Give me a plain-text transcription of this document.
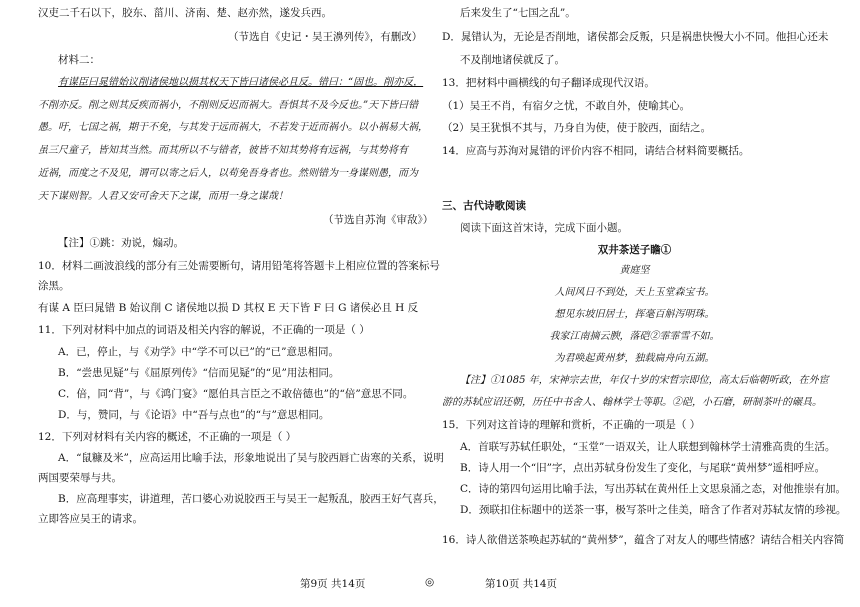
汉吏二千石以下，胶东、菑川、济南、楚、赵亦然，遂发兵西。
（节选自《史记・吴王濞列传》，有删改）
材料二：
有谋臣曰晁错始议削诸侯地以损其权天下皆曰诸侯必且反。错曰：“固也。削亦反，
不削亦反。削之则其反疾而祸小，不削则反迟而祸大。吾惧其不及今反也。”天下皆曰错
愚。吁，七国之祸，期于不免，与其发于远而祸大，不若发于近而祸小。以小祸易大祸，
虽三尺童子，皆知其当然。而其所以不与错者，彼皆不知其势将有远祸，与其势将有
近祸，而度之不及见，谓可以寄之后人，以苟免吾身者也。然则错为一身谋则愚，而为
天下谋则智。人君又安可舍天下之谋，而用一身之谋哉！
（节选自苏洵《审敌》）
【注】①跳：劝说，煽动。
10．材料二画波浪线的部分有三处需要断句，请用铅笔将答题卡上相应位置的答案标号
涂黑。
有谋 A 臣曰晁错 B 始议削 C 诸侯地以损 D 其权 E 天下皆 F 曰 G 诸侯必且 H 反
11．下列对材料中加点的词语及相关内容的解说，不正确的一项是（ ）
A．已，停止，与《劝学》中“学不可以已”的“已”意思相同。
B．“尝患见疑”与《屈原列传》“信而见疑”的“见”用法相同。
C．倍，同“背”，与《鸿门宴》“愿伯具言臣之不敢倍德也”的“倍”意思不同。
D．与，赞同，与《论语》中“吾与点也”的“与”意思相同。
12．下列对材料有关内容的概述，不正确的一项是（ ）
A．“鼠糠及米”，应高运用比喻手法，形象地说出了吴与胶西唇亡齿寒的关系，说明
两国要荣辱与共。
B．应高理事实，讲道理，苦口婆心劝说胶西王与吴王一起叛乱，胶西王好气喜兵，
立即答应吴王的请求。
后来发生了“七国之乱”。
D．晁错认为，无论是否削地，诸侯都会反叛，只是祸患快慢大小不同。他担心还未
不及削地诸侯就反了。
13．把材料中画横线的句子翻译成现代汉语。
（1）吴王不肖，有宿夕之忧，不敢自外，使喻其心。
（2）吴王犹惧不其与，乃身自为使，使于胶西，面结之。
14．应高与苏洵对晁错的评价内容不相同，请结合材料简要概括。
三、古代诗歌阅读
阅读下面这首宋诗，完成下面小题。
双井茶送子瞻①
黄庭坚
人间风日不到处，天上玉堂森宝书。
想见东坡旧居士，挥毫百斛泻明珠。
我家江南摘云腴，落硙②霏霏雪不如。
为君唤起黄州梦，独载扁舟向五湖。
【注】①1085 年，宋神宗去世，年仅十岁的宋哲宗即位，高太后临朝听政，在外宦
游的苏轼应诏还朝，历任中书舍人、翰林学士等职。②硙，小石磨，研制茶叶的碾具。
15．下列对这首诗的理解和赏析，不正确的一项是（ ）
A．首联写苏轼任职处，“玉堂”一语双关，让人联想到翰林学士清雅高贵的生活。
B．诗人用一个“旧”字，点出苏轼身份发生了变化，与尾联“黄州梦”遥相呼应。
C．诗的第四句运用比喻手法，写出苏轼在黄州任上文思泉涌之态，对他推崇有加。
D．颈联扣住标题中的送茶一事，极写茶叶之佳美，暗含了作者对苏轼友情的珍视。
16．诗人欲借送茶唤起苏轼的“黄州梦”，蕴含了对友人的哪些情感？请结合相关内容简
第9页 共14页	◎	第10页 共14页
